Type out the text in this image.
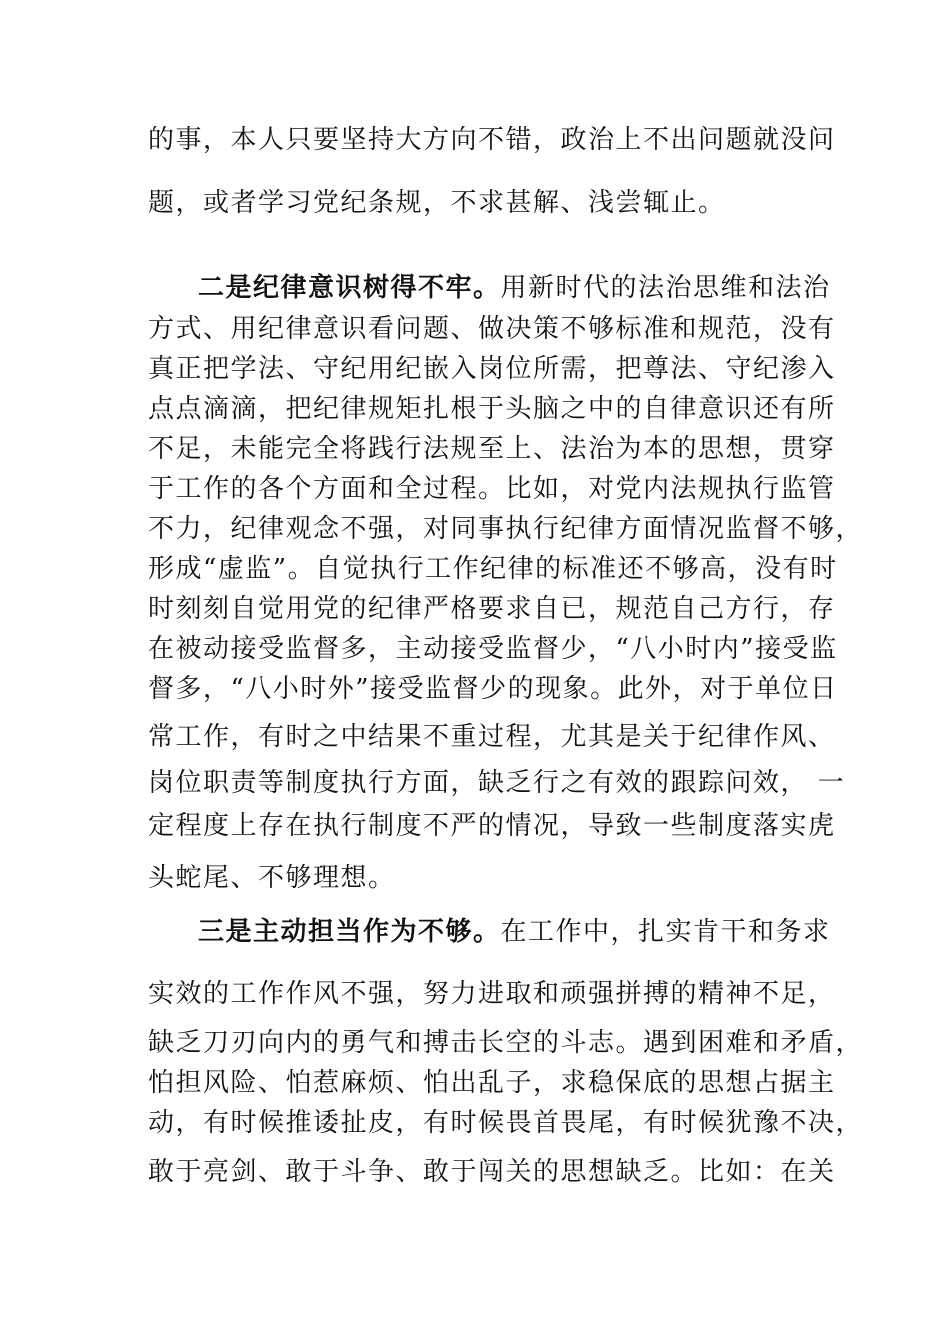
的事，本人只要坚持大方向不错，政治上不出问题就没问
题，或者学习党纪条规，不求甚解、浅尝辄止。
二是纪律意识树得不牢。用新时代的法治思维和法治
方式、用纪律意识看问题、做决策不够标准和规范，没有
真正把学法、守纪用纪嵌入岗位所需，把尊法、守纪渗入
点点滴滴，把纪律规矩扎根于头脑之中的自律意识还有所
不足，未能完全将践行法规至上、法治为本的思想，贯穿
于工作的各个方面和全过程。比如，对党内法规执行监管
不力，纪律观念不强，对同事执行纪律方面情况监督不够，
形成“虚监”。自觉执行工作纪律的标准还不够高，没有时
时刻刻自觉用党的纪律严格要求自已，规范自己方行，存
在被动接受监督多，主动接受监督少，“八小时内”接受监
督多，“八小时外”接受监督少的现象。此外，对于单位日
常工作，有时之中结果不重过程，尤其是关于纪律作风、
岗位职责等制度执行方面，缺乏行之有效的跟踪问效， 一
定程度上存在执行制度不严的情况，导致一些制度落实虎
头蛇尾、不够理想。
三是主动担当作为不够。在工作中，扎实肯干和务求
实效的工作作风不强，努力进取和顽强拼搏的精神不足，
缺乏刀刃向内的勇气和搏击长空的斗志。遇到困难和矛盾，
怕担风险、怕惹麻烦、怕出乱子，求稳保底的思想占据主
动，有时候推诿扯皮，有时候畏首畏尾，有时候犹豫不决，
敢于亮剑、敢于斗争、敢于闯关的思想缺乏。比如：在关
